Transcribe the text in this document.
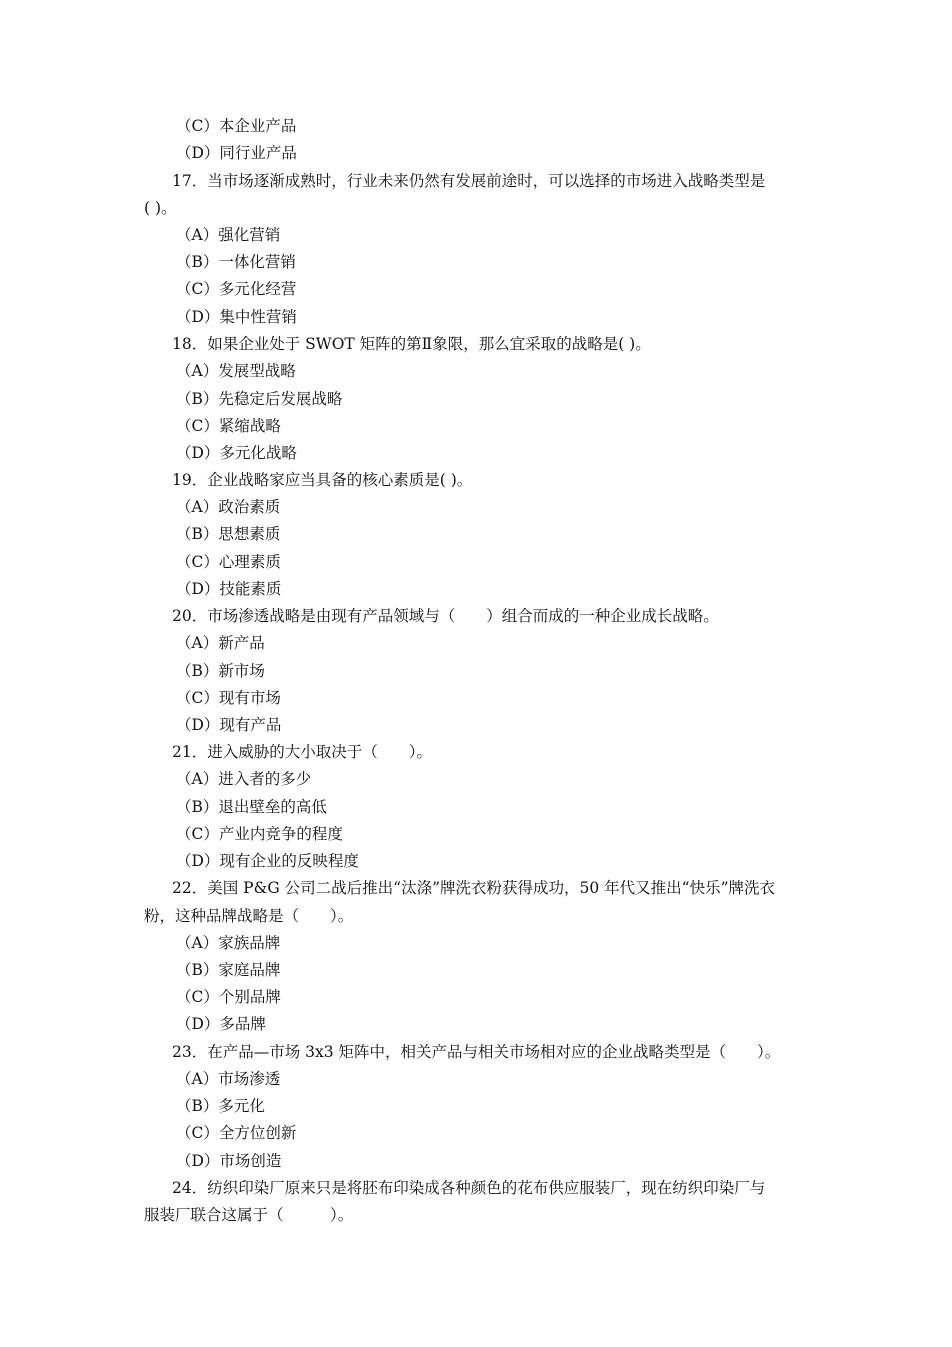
（C）本企业产品
（D）同行业产品
17．当市场逐渐成熟时，行业未来仍然有发展前途时，可以选择的市场进入战略类型是
( )。
（A）强化营销
（B）一体化营销
（C）多元化经营
（D）集中性营销
18．如果企业处于 SWOT 矩阵的第Ⅱ象限，那么宜采取的战略是( )。
（A）发展型战略
（B）先稳定后发展战略
（C）紧缩战略
（D）多元化战略
19．企业战略家应当具备的核心素质是( )。
（A）政治素质
（B）思想素质
（C）心理素质
（D）技能素质
20．市场渗透战略是由现有产品领域与（　　）组合而成的一种企业成长战略。
（A）新产品
（B）新市场
（C）现有市场
（D）现有产品
21．进入威胁的大小取决于（　　）。
（A）进入者的多少
（B）退出壁垒的高低
（C）产业内竞争的程度
（D）现有企业的反映程度
22．美国 P&G 公司二战后推出“汰涤”牌洗衣粉获得成功，50 年代又推出“快乐”牌洗衣
粉，这种品牌战略是（　　）。
（A）家族品牌
（B）家庭品牌
（C）个别品牌
（D）多品牌
23．在产品—市场 3x3 矩阵中，相关产品与相关市场相对应的企业战略类型是（　　）。
（A）市场渗透
（B）多元化
（C）全方位创新
（D）市场创造
24．纺织印染厂原来只是将胚布印染成各种颜色的花布供应服装厂，现在纺织印染厂与
服装厂联合这属于（　　　）。
